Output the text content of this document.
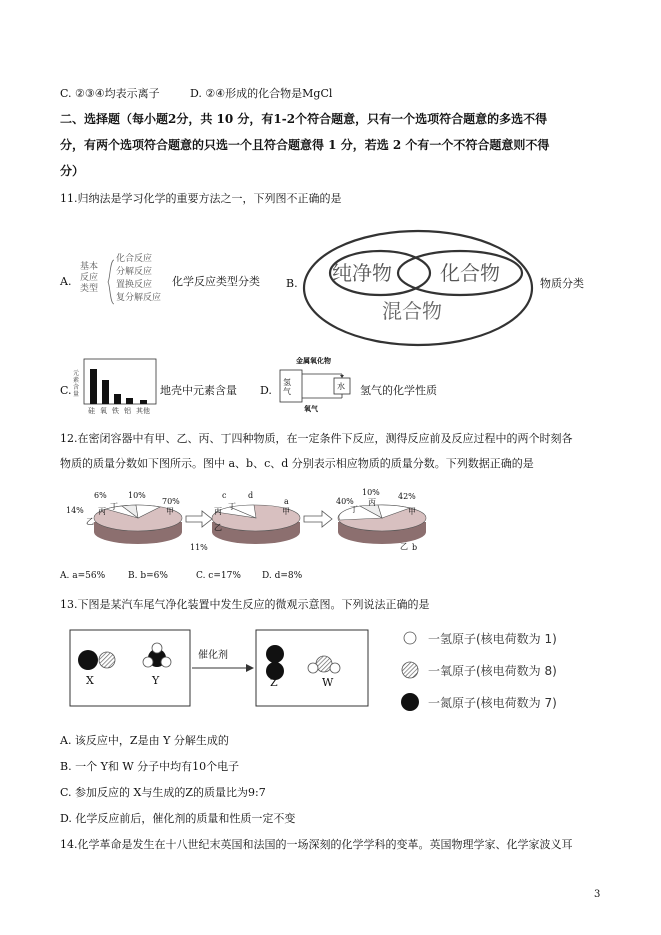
C. ②③④均表示离子	D. ②④形成的化合物是MgCl
二、选择题（每小题2分，共 10 分，有1-2个符合题意，只有一个选项符合题意的多选不得
分，有两个选项符合题意的只选一个且符合题意得 1 分，若选 2 个有一个不符合题意则不得
分）
11.归纳法是学习化学的重要方法之一，下列图不正确的是
A.
基本反应类型
化合反应
分解反应
置换反应
复分解反应
化学反应类型分类 B. 纯净物 化合物
混合物
物质分类
C.
元素含量
硅 氧 铁 铝 其他
地壳中元素含量 D.
金属氧化物
氢气
水
氧气
氢气的化学性质
12.在密闭容器中有甲、乙、丙、丁四种物质，在一定条件下反应，测得反应前及反应过程中的两个时刻各
物质的质量分数如下图所示。图中 a、b、c、d 分别表示相应物质的质量分数。下列数据正确的是
6%	10%
70%
14%	丁
丙
乙
甲
c	d
a
11%
丁
丙
乙
甲
40%
10% 42%
b
丁
丙
乙
甲
A. a=56%	B. b=6%	C. c=17% D. d=8%
13.下图是某汽车尾气净化装置中发生反应的微观示意图。下列说法正确的是
催化剂
X	Y	Z	W
一氢原子(核电荷数为 1)
一氧原子(核电荷数为 8)
一氮原子(核电荷数为 7)
A. 该反应中，Z是由 Y 分解生成的
B. 一个 Y和 W 分子中均有10个电子
C. 参加反应的 X与生成的Z的质量比为9:7
D. 化学反应前后，催化剂的质量和性质一定不变
14.化学革命是发生在十八世纪末英国和法国的一场深刻的化学学科的变革。英国物理学家、化学家波义耳
3
